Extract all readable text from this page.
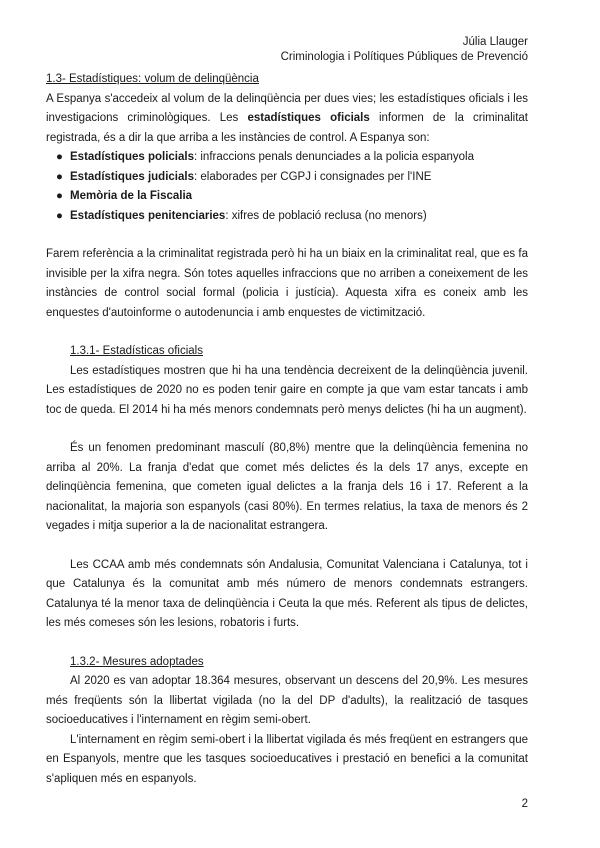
Júlia Llauger
Criminologia i Polítiques Públiques de Prevenció

1.3- Estadístiques: volum de delinqüència

A Espanya s'accedeix al volum de la delinqüència per dues vies; les estadístiques oficials i les investigacions criminològiques. Les estadístiques oficials informen de la criminalitat registrada, és a dir la que arriba a les instàncies de control. A Espanya son:

● Estadístiques policials: infraccions penals denunciades a la policia espanyola
● Estadístiques judicials: elaborades per CGPJ i consignades per l'INE
● Memòria de la Fiscalia
● Estadístiques penitenciaries: xifres de població reclusa (no menors)

Farem referència a la criminalitat registrada però hi ha un biaix en la criminalitat real, que es fa invisible per la xifra negra. Són totes aquelles infraccions que no arriben a coneixement de les instàncies de control social formal (policia i justícia). Aquesta xifra es coneix amb les enquestes d'autoinforme o autodenuncia i amb enquestes de victimització.

1.3.1- Estadísticas oficials

Les estadístiques mostren que hi ha una tendència decreixent de la delinqüència juvenil. Les estadístiques de 2020 no es poden tenir gaire en compte ja que vam estar tancats i amb toc de queda. El 2014 hi ha més menors condemnats però menys delictes (hi ha un augment).

És un fenomen predominant masculí (80,8%) mentre que la delinqüència femenina no arriba al 20%. La franja d'edat que comet més delictes és la dels 17 anys, excepte en delinqüència femenina, que cometen igual delictes a la franja dels 16 i 17. Referent a la nacionalitat, la majoria son espanyols (casi 80%). En termes relatius, la taxa de menors és 2 vegades i mitja superior a la de nacionalitat estrangera.

Les CCAA amb més condemnats són Andalusia, Comunitat Valenciana i Catalunya, tot i que Catalunya és la comunitat amb més número de menors condemnats estrangers. Catalunya té la menor taxa de delinqüència i Ceuta la que més. Referent als tipus de delictes, les més comeses són les lesions, robatoris i furts.

1.3.2- Mesures adoptades

Al 2020 es van adoptar 18.364 mesures, observant un descens del 20,9%. Les mesures més freqüents són la llibertat vigilada (no la del DP d'adults), la realització de tasques socioeducatives i l'internament en règim semi-obert.

L'internament en règim semi-obert i la llibertat vigilada és més freqüent en estrangers que en Espanyols, mentre que les tasques socioeducatives i prestació en benefici a la comunitat s'apliquen més en espanyols.

2
